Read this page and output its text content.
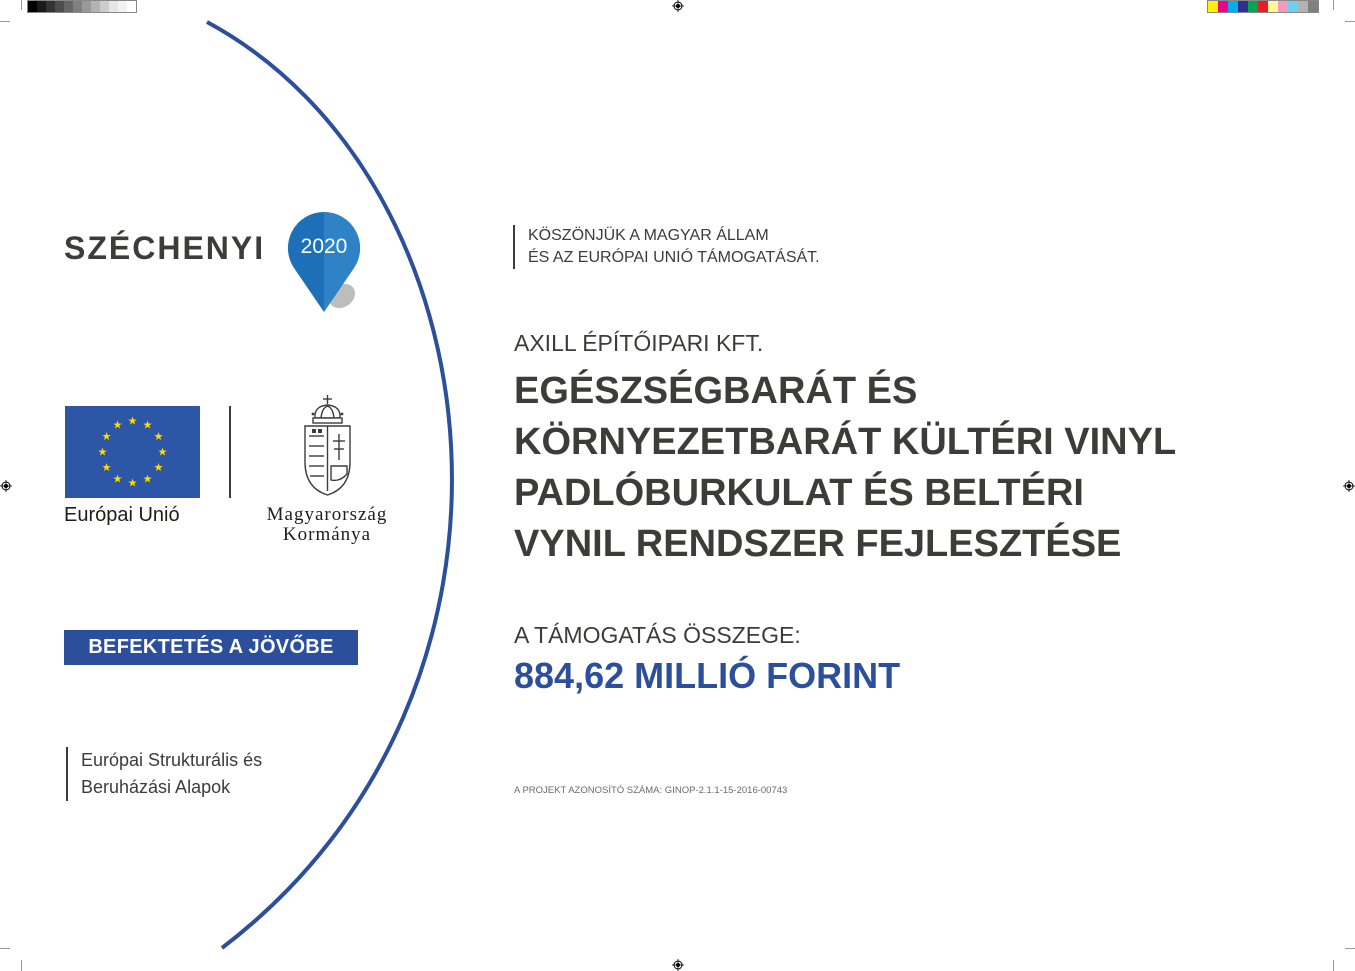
SZÉCHENYI	2020
★ ★
★
★
★
★
★
★
★
★
★
★
Európai Unió	Magyarország
Kormánya
BEFEKTETÉS A JÖVŐBE
Európai Strukturális és
Beruházási Alapok
KÖSZÖNJÜK A MAGYAR ÁLLAM
ÉS AZ EURÓPAI UNIÓ TÁMOGATÁSÁT.
AXILL ÉPÍTŐIPARI KFT.
EGÉSZSÉGBARÁT ÉS
KÖRNYEZETBARÁT KÜLTÉRI VINYL
PADLÓBURKULAT ÉS BELTÉRI
VYNIL RENDSZER FEJLESZTÉSE
A TÁMOGATÁS ÖSSZEGE:
884,62 MILLIÓ FORINT
A PROJEKT AZONOSÍTÓ SZÁMA: GINOP-2.1.1-15-2016-00743
